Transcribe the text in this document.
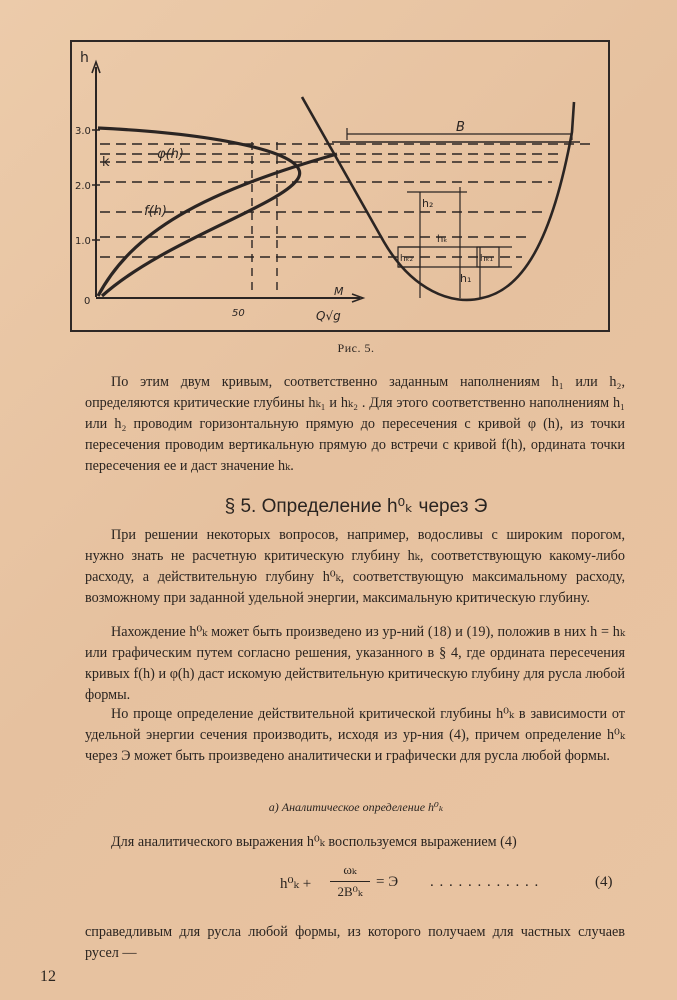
h
3.0
2.0
1.0
0
50
M
Q√g
k
φ(h)
f(h)
B
h₂
hₖ
hₖ₂	hₖ₁
h₁
Рис. 5.

По этим двум кривым, соответственно заданным наполнениям h₁ или h₂, определяются критические глубины hₖ₁ и hₖ₂ . Для этого соответственно наполнениям h₁ или h₂ проводим горизонтальную прямую до пересечения с кривой φ (h), из точки пересечения проводим вертикальную прямую до встречи с кривой f(h), ордината точки пересечения ее и даст значение hₖ.

§ 5. Определение h⁰ₖ через Э

При решении некоторых вопросов, например, водосливы с широким порогом, нужно знать не расчетную критическую глубину hₖ, соответствующую какому-либо расходу, а действительную глубину h⁰ₖ, соответствующую максимальному расходу, возможному при заданной удельной энергии, максимальную критическую глубину.

Нахождение h⁰ₖ может быть произведено из ур-ний (18) и (19), положив в них h = hₖ или графическим путем согласно решения, указанного в § 4, где ордината пересечения кривых f(h) и φ(h) даст искомую действительную критическую глубину для русла любой формы.

Но проще определение действительной критической глубины h⁰ₖ в зависимости от удельной энергии сечения производить, исходя из ур-ния (4), причем определение h⁰ₖ через Э может быть произведено аналитически и графически для русла любой формы.

а) Аналитическое определение h⁰ₖ

Для аналитического выражения h⁰ₖ воспользуемся выражением (4)

h⁰ₖ +
ωₖ
2B⁰ₖ
= Э . . . . . . . . . . . .	(4)

справедливым для русла любой формы, из которого получаем для частных случаев русел —

12
